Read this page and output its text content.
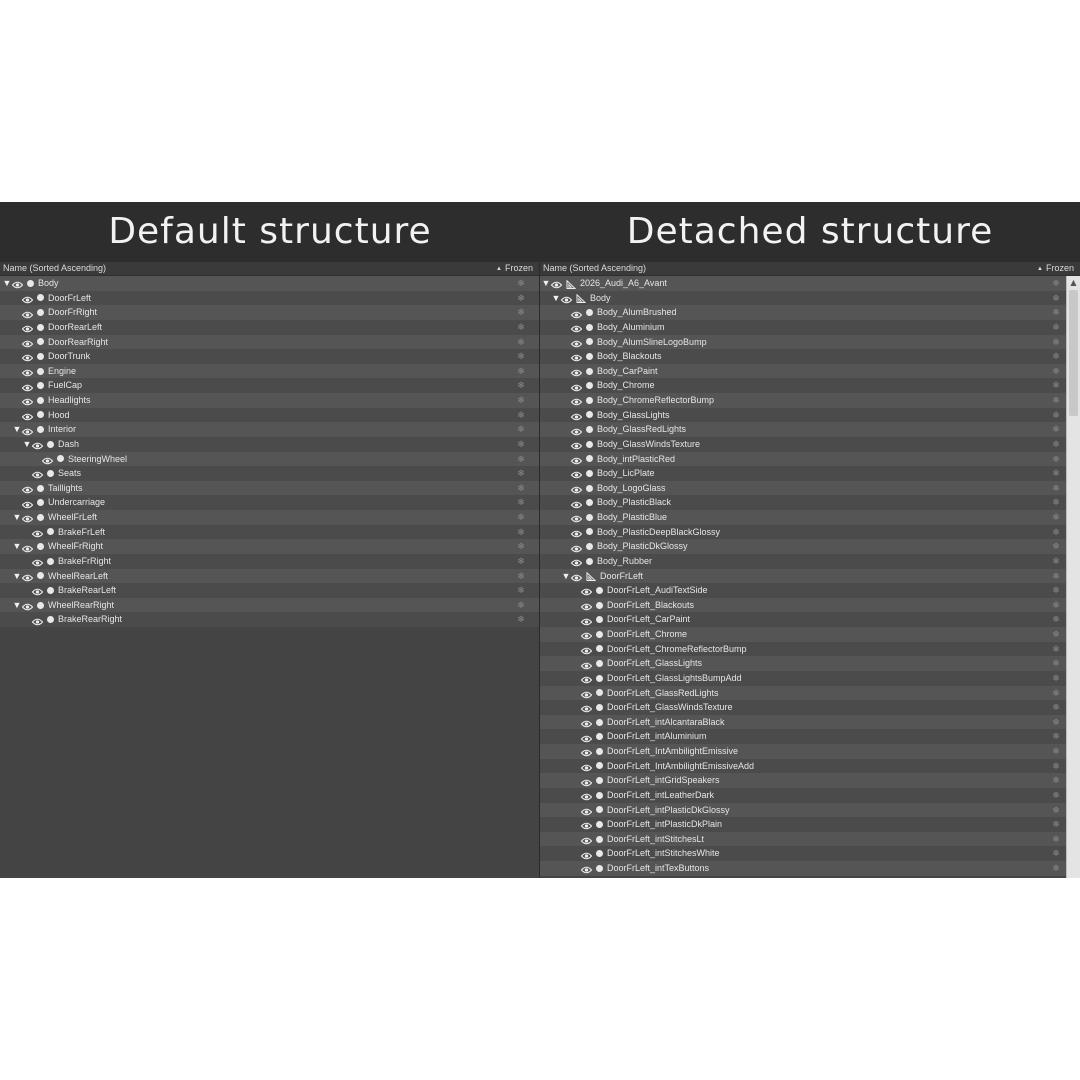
Default structure	Detached structure
Name (Sorted Ascending)	▲ Frozen
▼	Body	❄
DoorFrLeft	❄
DoorFrRight	❄
DoorRearLeft	❄
DoorRearRight	❄
DoorTrunk	❄
Engine	❄
FuelCap	❄
Headlights	❄
Hood	❄
▼	Interior	❄
▼	Dash	❄
SteeringWheel	❄
Seats	❄
Taillights	❄
Undercarriage	❄
▼	WheelFrLeft	❄
BrakeFrLeft	❄
▼	WheelFrRight	❄
BrakeFrRight	❄
▼	WheelRearLeft	❄
BrakeRearLeft	❄
▼	WheelRearRight	❄
BrakeRearRight	❄
Name (Sorted Ascending)	▲ Frozen
▼	2026_Audi_A6_Avant	❄
▼	Body	❄
Body_AlumBrushed	❄
Body_Aluminium	❄
Body_AlumSlineLogoBump	❄
Body_Blackouts	❄
Body_CarPaint	❄
Body_Chrome	❄
Body_ChromeReflectorBump	❄
Body_GlassLights	❄
Body_GlassRedLights	❄
Body_GlassWindsTexture	❄
Body_intPlasticRed	❄
Body_LicPlate	❄
Body_LogoGlass	❄
Body_PlasticBlack	❄
Body_PlasticBlue	❄
Body_PlasticDeepBlackGlossy	❄
Body_PlasticDkGlossy	❄
Body_Rubber	❄
▼	DoorFrLeft	❄
DoorFrLeft_AudiTextSide	❄
DoorFrLeft_Blackouts	❄
DoorFrLeft_CarPaint	❄
DoorFrLeft_Chrome	❄
DoorFrLeft_ChromeReflectorBump	❄
DoorFrLeft_GlassLights	❄
DoorFrLeft_GlassLightsBumpAdd	❄
DoorFrLeft_GlassRedLights	❄
DoorFrLeft_GlassWindsTexture	❄
DoorFrLeft_intAlcantaraBlack	❄
DoorFrLeft_intAluminium	❄
DoorFrLeft_IntAmbilightEmissive	❄
DoorFrLeft_IntAmbilightEmissiveAdd	❄
DoorFrLeft_intGridSpeakers	❄
DoorFrLeft_intLeatherDark	❄
DoorFrLeft_intPlasticDkGlossy	❄
DoorFrLeft_intPlasticDkPlain	❄
DoorFrLeft_intStitchesLt	❄
DoorFrLeft_intStitchesWhite	❄
DoorFrLeft_intTexButtons	❄
▲
